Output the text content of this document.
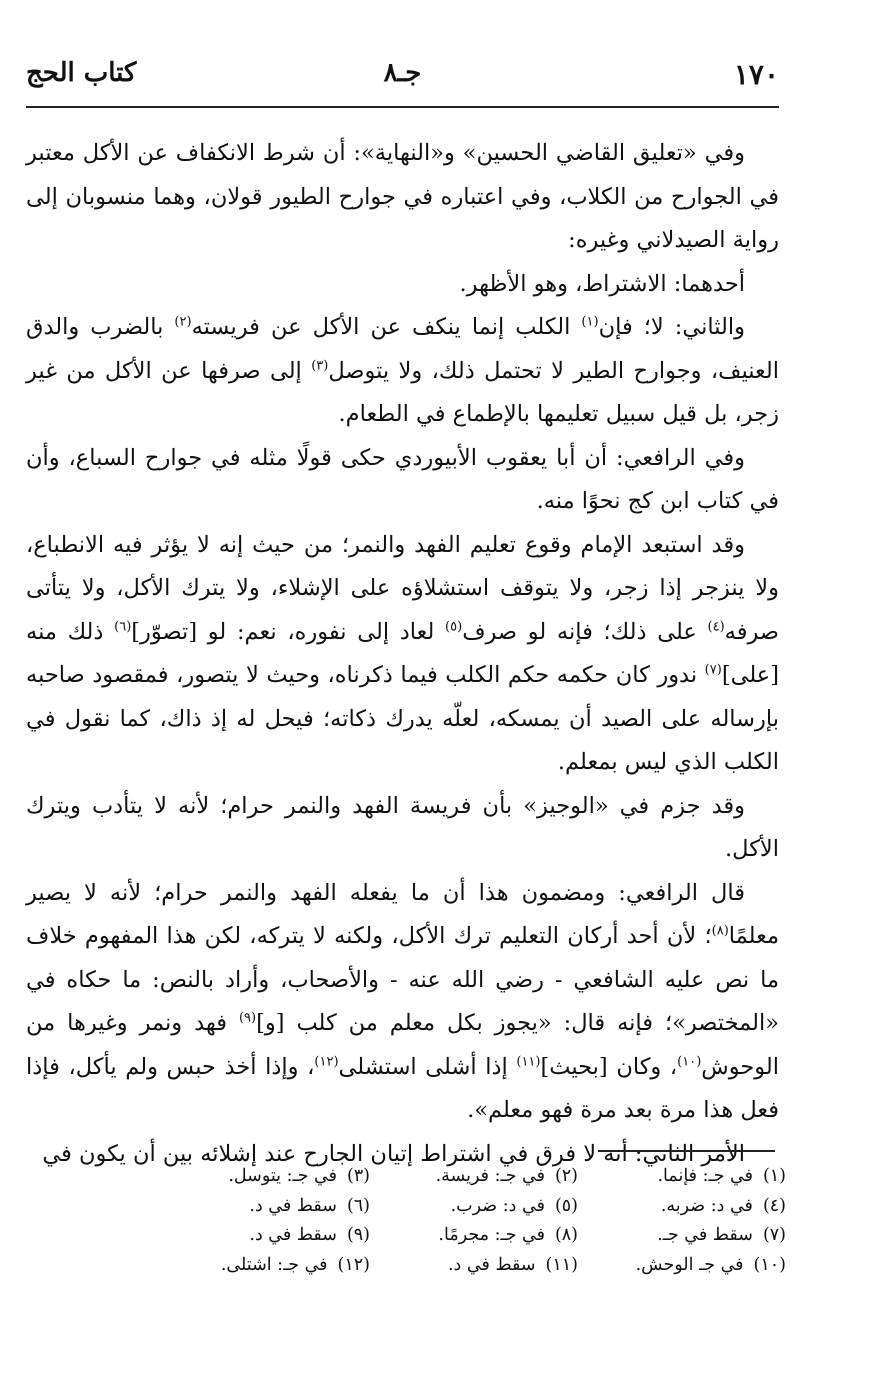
١٧٠
جـ٨
كتاب الحج

وفي «تعليق القاضي الحسين» و«النهاية»: أن شرط الانكفاف عن الأكل معتبر في الجوارح من الكلاب، وفي اعتباره في جوارح الطيور قولان، وهما منسوبان إلى رواية الصيدلاني وغيره:

أحدهما: الاشتراط، وهو الأظهر.

والثاني: لا؛ فإن$^{(١)}$ الكلب إنما ينكف عن الأكل عن فريسته$^{(٢)}$ بالضرب والدق العنيف، وجوارح الطير لا تحتمل ذلك، ولا يتوصل$^{(٣)}$ إلى صرفها عن الأكل من غير زجر، بل قيل سبيل تعليمها بالإطماع في الطعام.

وفي الرافعي: أن أبا يعقوب الأبيوردي حكى قولًا مثله في جوارح السباع، وأن في كتاب ابن كج نحوًا منه.

وقد استبعد الإمام وقوع تعليم الفهد والنمر؛ من حيث إنه لا يؤثر فيه الانطباع، ولا ينزجر إذا زجر، ولا يتوقف استشلاؤه على الإشلاء، ولا يترك الأكل، ولا يتأتى صرفه$^{(٤)}$ على ذلك؛ فإنه لو صرف$^{(٥)}$ لعاد إلى نفوره، نعم: لو [تصوّر]$^{(٦)}$ ذلك منه [على]$^{(٧)}$ ندور كان حكمه حكم الكلب فيما ذكرناه، وحيث لا يتصور، فمقصود صاحبه بإرساله على الصيد أن يمسكه، لعلّه يدرك ذكاته؛ فيحل له إذ ذاك، كما نقول في الكلب الذي ليس بمعلم.

وقد جزم في «الوجيز» بأن فريسة الفهد والنمر حرام؛ لأنه لا يتأدب ويترك الأكل.

قال الرافعي: ومضمون هذا أن ما يفعله الفهد والنمر حرام؛ لأنه لا يصير معلمًا$^{(٨)}$؛ لأن أحد أركان التعليم ترك الأكل، ولكنه لا يتركه، لكن هذا المفهوم خلاف ما نص عليه الشافعي - رضي الله عنه - والأصحاب، وأراد بالنص: ما حكاه في «المختصر»؛ فإنه قال: «يجوز بكل معلم من كلب [و]$^{(٩)}$ فهد ونمر وغيرها من الوحوش$^{(١٠)}$، وكان [بحيث]$^{(١١)}$ إذا أشلى استشلى$^{(١٢)}$، وإذا أخذ حبس ولم يأكل، فإذا فعل هذا مرة بعد مرة فهو معلم».

الأمر الثاني: أنه لا فرق في اشتراط إتيان الجارح عند إشلائه بين أن يكون في

(١)في جـ: فإنما.
(٢)في جـ: فريسة.
(٣)في جـ: يتوسل.
(٤)في د: ضربه.
(٥)في د: ضرب.
(٦)سقط في د.
(٧)سقط في جـ.
(٨)في جـ: مجرمًا.
(٩)سقط في د.
(١٠)في جـ الوحش.
(١١)سقط في د.
(١٢)في جـ: اشتلى.
